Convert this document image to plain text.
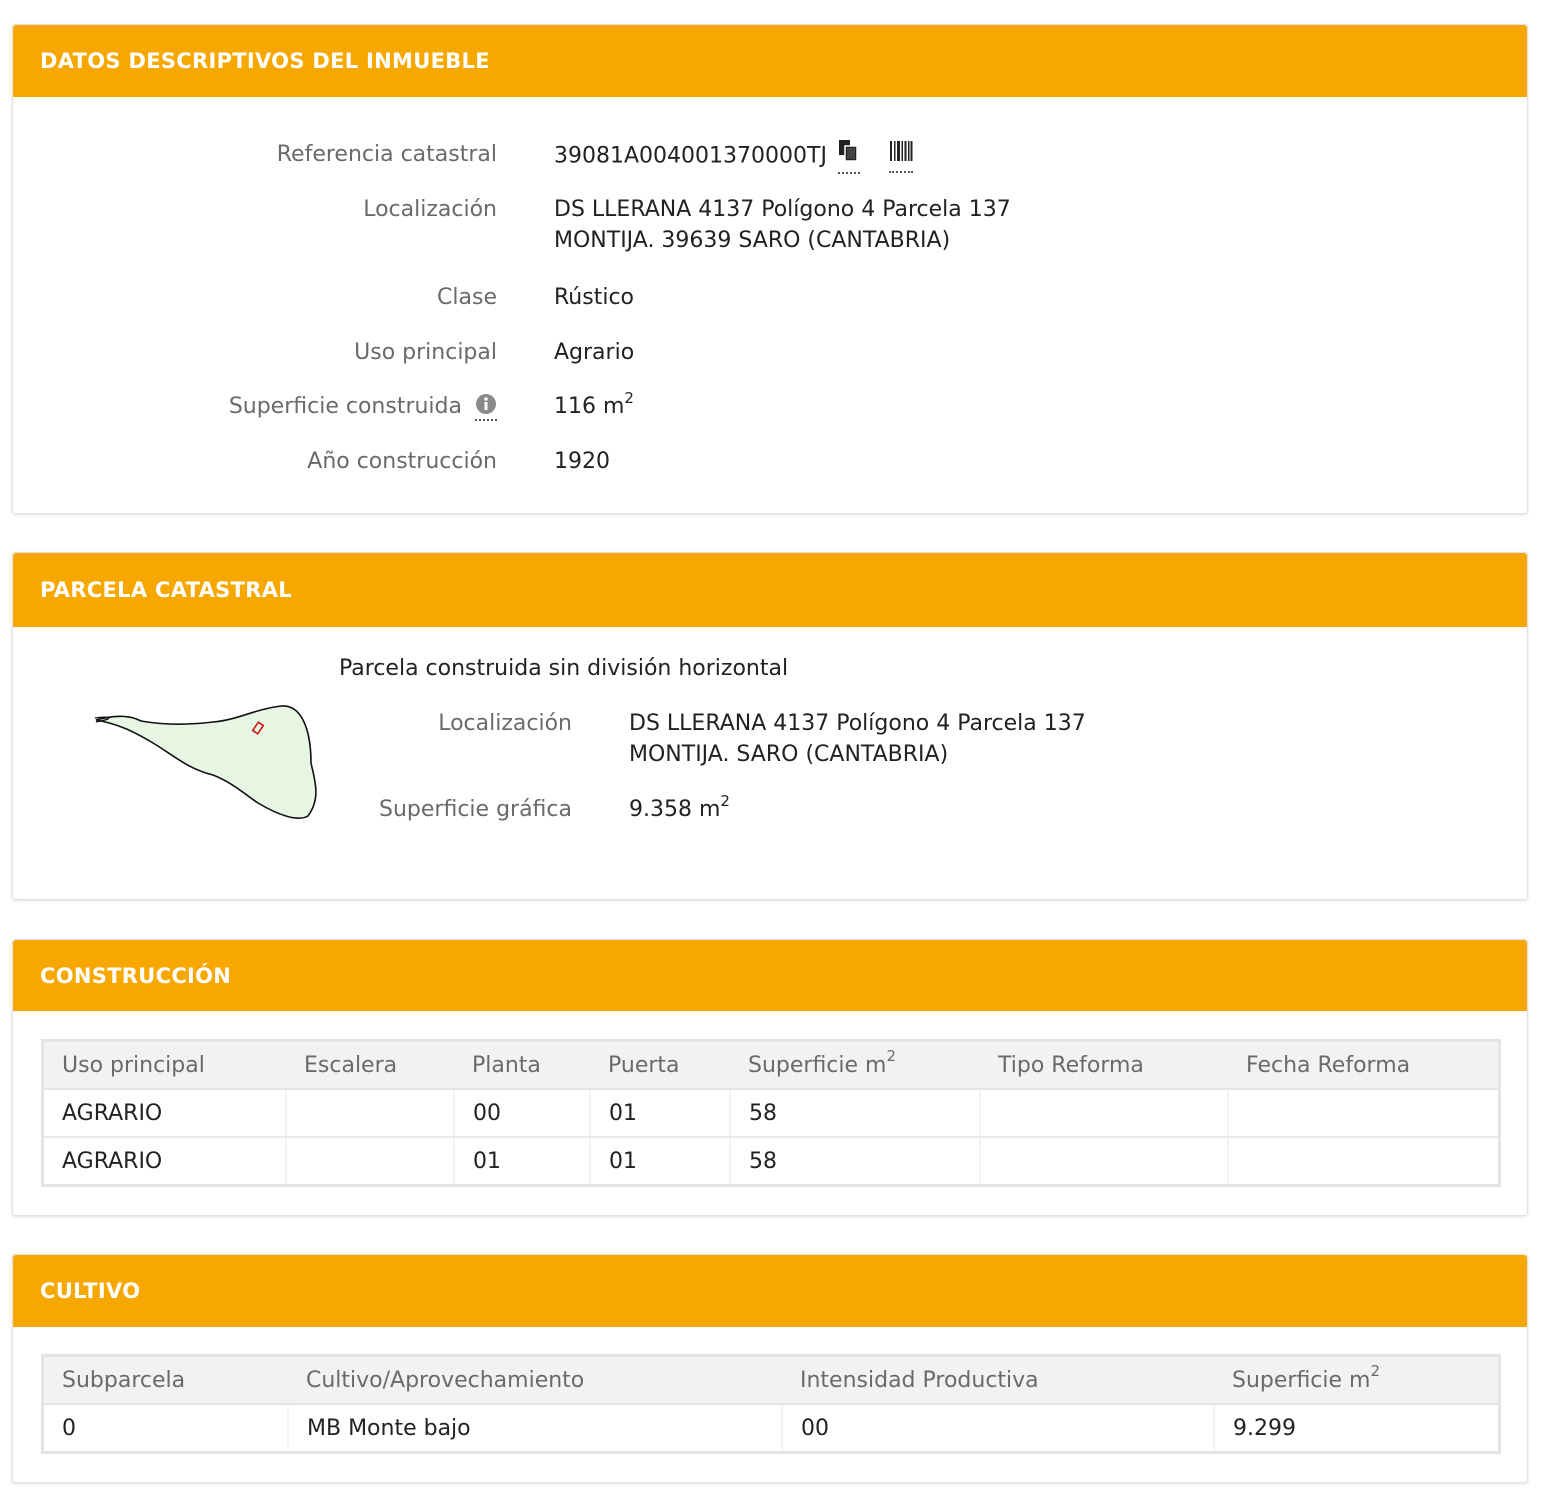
DATOS DESCRIPTIVOS DEL INMUEBLE
Referencia catastral	39081A004001370000TJ
Localización	DS LLERANA 4137 Polígono 4 Parcela 137
MONTIJA. 39639 SARO (CANTABRIA)
Clase	Rústico
Uso principal	Agrario
Superficie construida	116 $m^2$
Año construcción	1920
PARCELA CATASTRAL
Parcela construida sin división horizontal
Localización	DS LLERANA 4137 Polígono 4 Parcela 137
MONTIJA. SARO (CANTABRIA)
Superficie gráfica	9.358 $m^2$
CONSTRUCCIÓN
Uso principal	Escalera	Planta	Puerta	Superficie $m^2$	Tipo Reforma	Fecha Reforma
AGRARIO		00	01	58		
AGRARIO		01	01	58		
CULTIVO
Subparcela	Cultivo/Aprovechamiento	Intensidad Productiva	Superficie $m^2$
0	MB Monte bajo	00	9.299
